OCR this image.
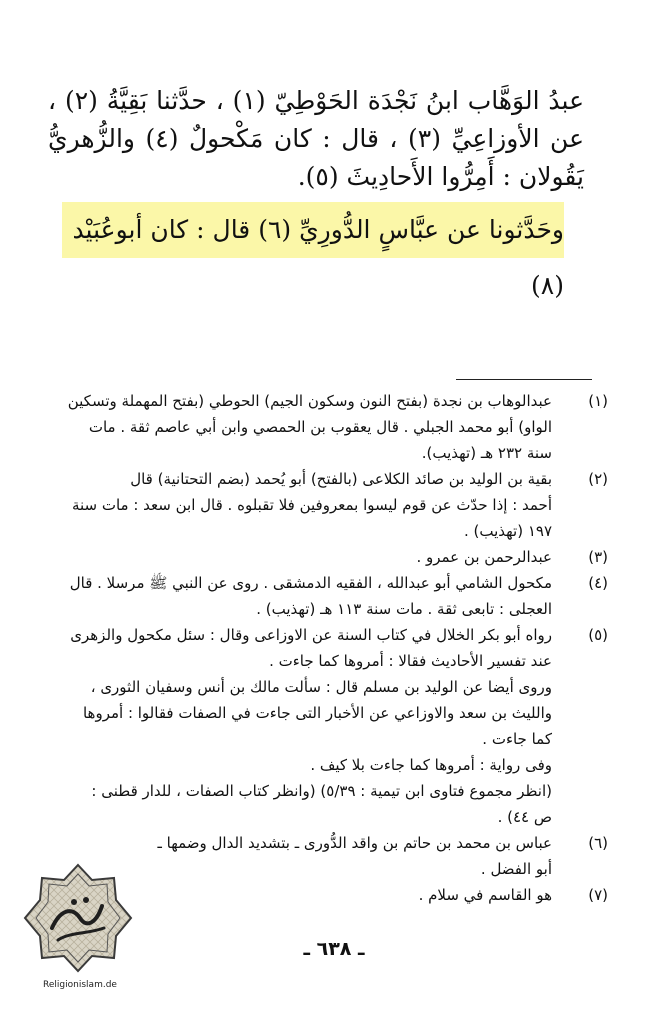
عبدُ الوَهَّاب ابنُ نَجْدَة الحَوْطِيّ (١) ، حدَّثنا بَقِيَّةُ (٢) ، عن الأوزاعِيِّ (٣) ، قال : كان مَكْحولٌ (٤) والزُّهريُّ يَقُولان : أَمِرُّوا الأَحادِيثَ (٥).
وحَدَّثونا عن عبَّاسٍ الدُّورِيِّ (٦) قال : كان أبوعُبَيْد (٨)
(١)
عبدالوهاب بن نجدة (بفتح النون وسكون الجيم) الحوطي (بفتح المهملة وتسكين
الواو) أبو محمد الجبلي . قال يعقوب بن الحمصي وابن أبي عاصم ثقة . مات
سنة ٢٣٢ هـ (تهذيب).
(٢)
بقية بن الوليد بن صائد الكلاعى (بالفتح) أبو يُحمد (بضم التحتانية) قال
أحمد : إذا حدّث عن قوم ليسوا بمعروفين فلا تقبلوه . قال ابن سعد : مات سنة
١٩٧ (تهذيب) .
(٣)
عبدالرحمن بن عمرو .
(٤)
مكحول الشامي أبو عبدالله ، الفقيه الدمشقى . روى عن النبي ﷺ مرسلا . قال
العجلى : تابعى ثقة . مات سنة ١١٣ هـ (تهذيب) .
(٥)
رواه أبو بكر الخلال في كتاب السنة عن الاوزاعى وقال : سئل مكحول والزهرى
عند تفسير الأحاديث فقالا : أمروها كما جاءت .
وروى أيضا عن الوليد بن مسلم قال : سألت مالك بن أنس وسفيان الثورى ،
والليث بن سعد والاوزاعي عن الأخبار التى جاءت في الصفات فقالوا : أمروها
كما جاءت .
وفى رواية : أمروها كما جاءت بلا كيف .
(انظر مجموع فتاوى ابن تيمية : ٥/٣٩) (وانظر كتاب الصفات ، للدار قطنى :
ص ٤٤) .
(٦)
عباس بن محمد بن حاتم بن واقد الدُّورى ـ بتشديد الدال وضمها ـ
أبو الفضل .
(٧)
هو القاسم في سلام .
ـ ٦٣٨ ـ
Religionislam.de
